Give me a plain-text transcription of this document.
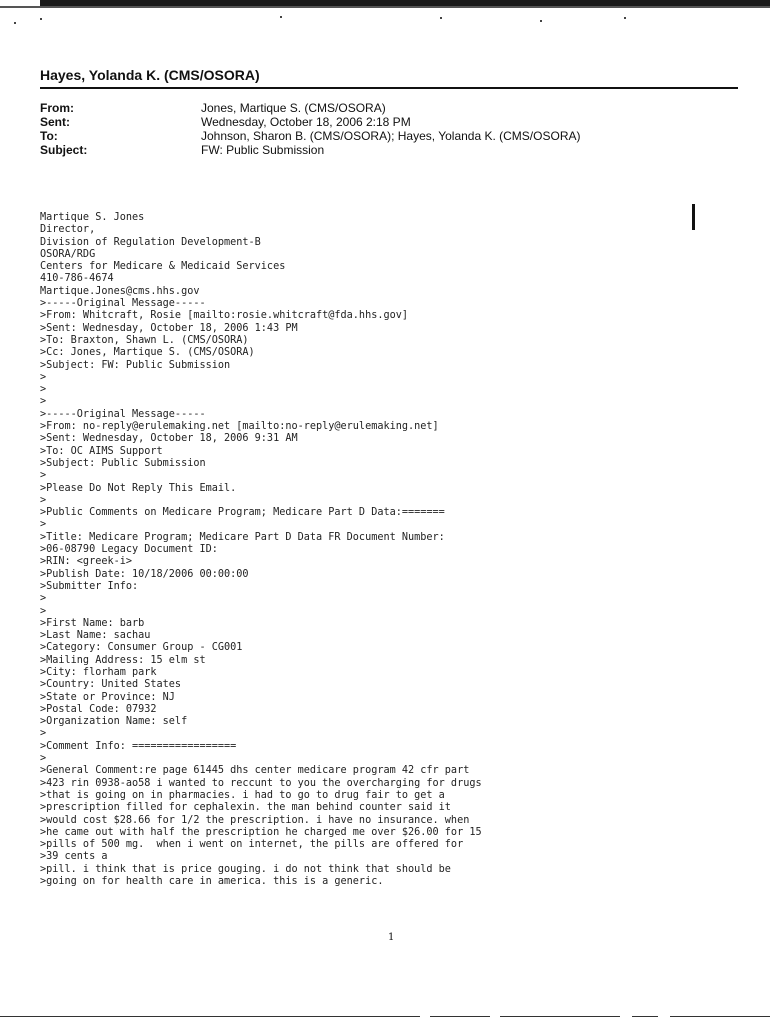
Hayes, Yolanda K. (CMS/OSORA)
From:	Jones, Martique S. (CMS/OSORA)
Sent:	Wednesday, October 18, 2006 2:18 PM
To:	Johnson, Sharon B. (CMS/OSORA); Hayes, Yolanda K. (CMS/OSORA)
Subject:	FW: Public Submission
Martique S. Jones
Director,
Division of Regulation Development-B
OSORA/RDG
Centers for Medicare & Medicaid Services
410-786-4674
Martique.Jones@cms.hhs.gov
>-----Original Message-----
>From: Whitcraft, Rosie [mailto:rosie.whitcraft@fda.hhs.gov]
>Sent: Wednesday, October 18, 2006 1:43 PM
>To: Braxton, Shawn L. (CMS/OSORA)
>Cc: Jones, Martique S. (CMS/OSORA)
>Subject: FW: Public Submission
>
>
>
>-----Original Message-----
>From: no-reply@erulemaking.net [mailto:no-reply@erulemaking.net]
>Sent: Wednesday, October 18, 2006 9:31 AM
>To: OC AIMS Support
>Subject: Public Submission
>
>Please Do Not Reply This Email.
>
>Public Comments on Medicare Program; Medicare Part D Data:=======
>
>Title: Medicare Program; Medicare Part D Data FR Document Number:
>06-08790 Legacy Document ID:
>RIN: <greek-i>
>Publish Date: 10/18/2006 00:00:00
>Submitter Info:
>
>
>First Name: barb
>Last Name: sachau
>Category: Consumer Group - CG001
>Mailing Address: 15 elm st
>City: florham park
>Country: United States
>State or Province: NJ
>Postal Code: 07932
>Organization Name: self
>
>Comment Info: =================
>
>General Comment:re page 61445 dhs center medicare program 42 cfr part
>423 rin 0938-ao58 i wanted to reccunt to you the overcharging for drugs
>that is going on in pharmacies. i had to go to drug fair to get a
>prescription filled for cephalexin. the man behind counter said it
>would cost $28.66 for 1/2 the prescription. i have no insurance. when
>he came out with half the prescription he charged me over $26.00 for 15
>pills of 500 mg.  when i went on internet, the pills are offered for
>39 cents a
>pill. i think that is price gouging. i do not think that should be
>going on for health care in america. this is a generic.
1
